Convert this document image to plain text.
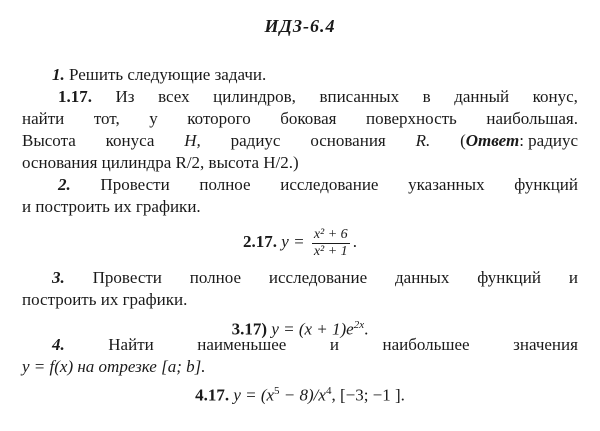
ИДЗ-6.4
1. Решить следующие задачи.
1.17. Из всех цилиндров, вписанных в данный конус,
найти тот, у которого боковая поверхность наибольшая.
Высота конуса H, радиус основания R. (Ответ: радиус
основания цилиндра R/2, высота H/2.)
2. Провести полное исследование указанных функций
и построить их графики.
2.17. $y = \frac{\text{x² + 6}}{\text{x² + 1}}$ .
3. Провести полное исследование данных функций и
построить их графики.
3.17) $y = (x + 1)e^{2x}$.
4.	Найти	наименьшее	и	наибольшее	значения
y = f(x) на отрезке [a; b].
4.17. $y = (x^5 - 8)/x^4$, [−3; −1 ].
